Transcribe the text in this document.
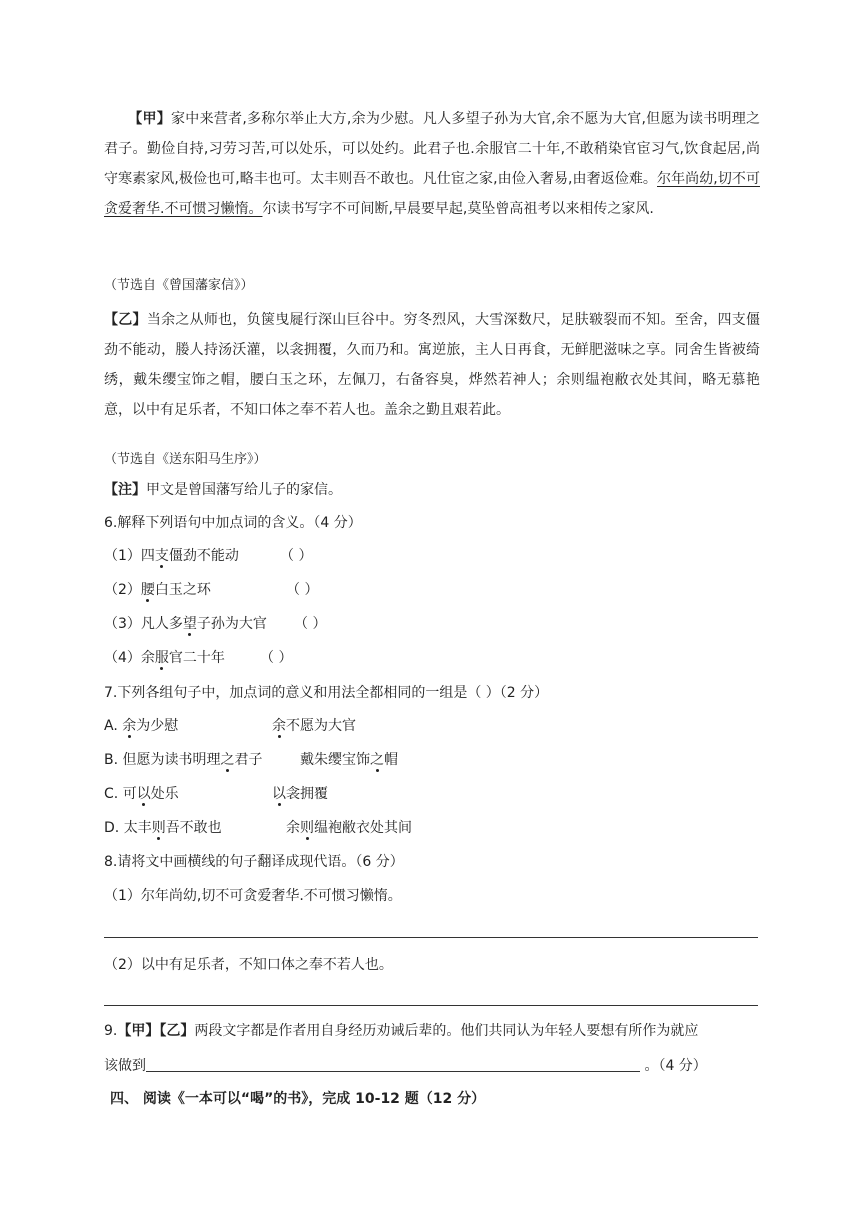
【甲】家中来营者,多称尔举止大方,余为少慰。凡人多望子孙为大官,余不愿为大官,但愿为读书明理之君子。勤俭自持,习劳习苦,可以处乐，可以处约。此君子也.余服官二十年,不敢稍染官宦习气,饮食起居,尚守寒素家风,极俭也可,略丰也可。太丰则吾不敢也。凡仕宦之家,由俭入奢易,由奢返俭难。尔年尚幼,切不可贪爱奢华.不可惯习懒惰。尔读书写字不可间断,早晨要早起,莫坠曾高祖考以来相传之家风.
（节选自《曾国藩家信》）
【乙】当余之从师也，负箧曳屣行深山巨谷中。穷冬烈风，大雪深数尺，足肤皲裂而不知。至舍，四支僵劲不能动，媵人持汤沃灌，以衾拥覆，久而乃和。寓逆旅，主人日再食，无鲜肥滋味之享。同舍生皆被绮绣，戴朱缨宝饰之帽，腰白玉之环，左佩刀，右备容臭，烨然若神人；余则缊袍敝衣处其间，略无慕艳意，以中有足乐者，不知口体之奉不若人也。盖余之勤且艰若此。
（节选自《送东阳马生序》）
【注】甲文是曾国藩写给儿子的家信。
6.解释下列语句中加点词的含义。（4 分）
（1）四支僵劲不能动	（ ）
（2）腰白玉之环	（ ）
（3）凡人多望子孙为大官 （ ）
（4）余服官二十年	（ ）
7.下列各组句子中，加点词的意义和用法全都相同的一组是（ ）（2 分）
A. 余为少慰	余不愿为大官
B. 但愿为读书明理之君子	戴朱缨宝饰之帽
C. 可以处乐	以衾拥覆
D. 太丰则吾不敢也	余则缊袍敝衣处其间
8.请将文中画横线的句子翻译成现代语。（6 分）
（1）尔年尚幼,切不可贪爱奢华.不可惯习懒惰。
（2）以中有足乐者，不知口体之奉不若人也。
9.【甲】【乙】两段文字都是作者用自身经历劝诫后辈的。他们共同认为年轻人要想有所作为就应
该做到	。（4 分）
四、 阅读《一本可以“喝”的书》，完成 10-12 题（12 分）
